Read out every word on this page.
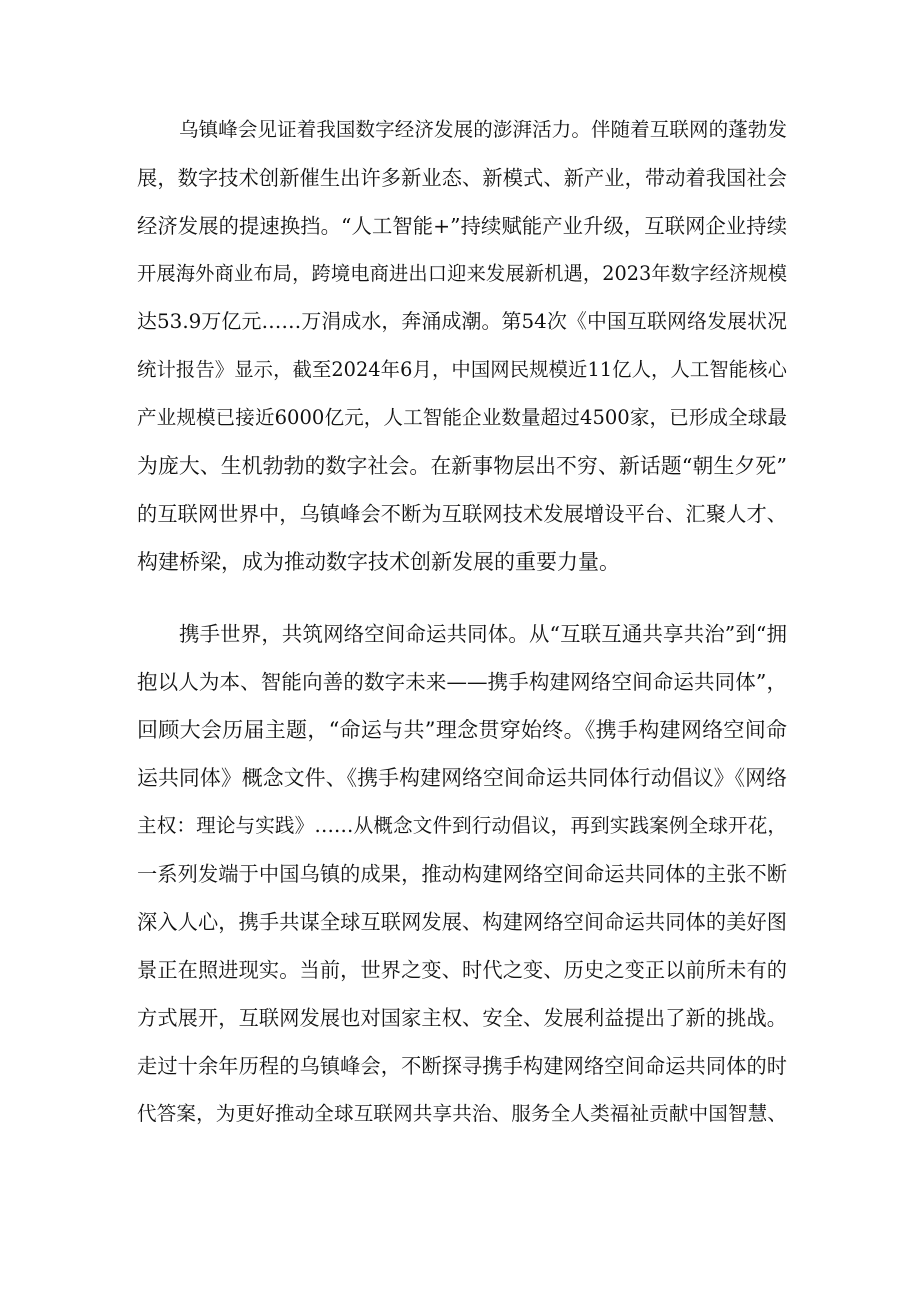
乌镇峰会见证着我国数字经济发展的澎湃活力。伴随着互联网的蓬勃发
展，数字技术创新催生出许多新业态、新模式、新产业，带动着我国社会
经济发展的提速换挡。“人工智能+”持续赋能产业升级，互联网企业持续
开展海外商业布局，跨境电商进出口迎来发展新机遇，2023年数字经济规模
达53.9万亿元……万涓成水，奔涌成潮。第54次《中国互联网络发展状况
统计报告》显示，截至2024年6月，中国网民规模近11亿人，人工智能核心
产业规模已接近6000亿元，人工智能企业数量超过4500家，已形成全球最
为庞大、生机勃勃的数字社会。在新事物层出不穷、新话题“朝生夕死”
的互联网世界中，乌镇峰会不断为互联网技术发展增设平台、汇聚人才、
构建桥梁，成为推动数字技术创新发展的重要力量。
携手世界，共筑网络空间命运共同体。从“互联互通共享共治”到“拥
抱以人为本、智能向善的数字未来——携手构建网络空间命运共同体”，
回顾大会历届主题，“命运与共”理念贯穿始终。《携手构建网络空间命
运共同体》概念文件、《携手构建网络空间命运共同体行动倡议》《网络
主权：理论与实践》……从概念文件到行动倡议，再到实践案例全球开花，
一系列发端于中国乌镇的成果，推动构建网络空间命运共同体的主张不断
深入人心，携手共谋全球互联网发展、构建网络空间命运共同体的美好图
景正在照进现实。当前，世界之变、时代之变、历史之变正以前所未有的
方式展开，互联网发展也对国家主权、安全、发展利益提出了新的挑战。
走过十余年历程的乌镇峰会，不断探寻携手构建网络空间命运共同体的时
代答案，为更好推动全球互联网共享共治、服务全人类福祉贡献中国智慧、
